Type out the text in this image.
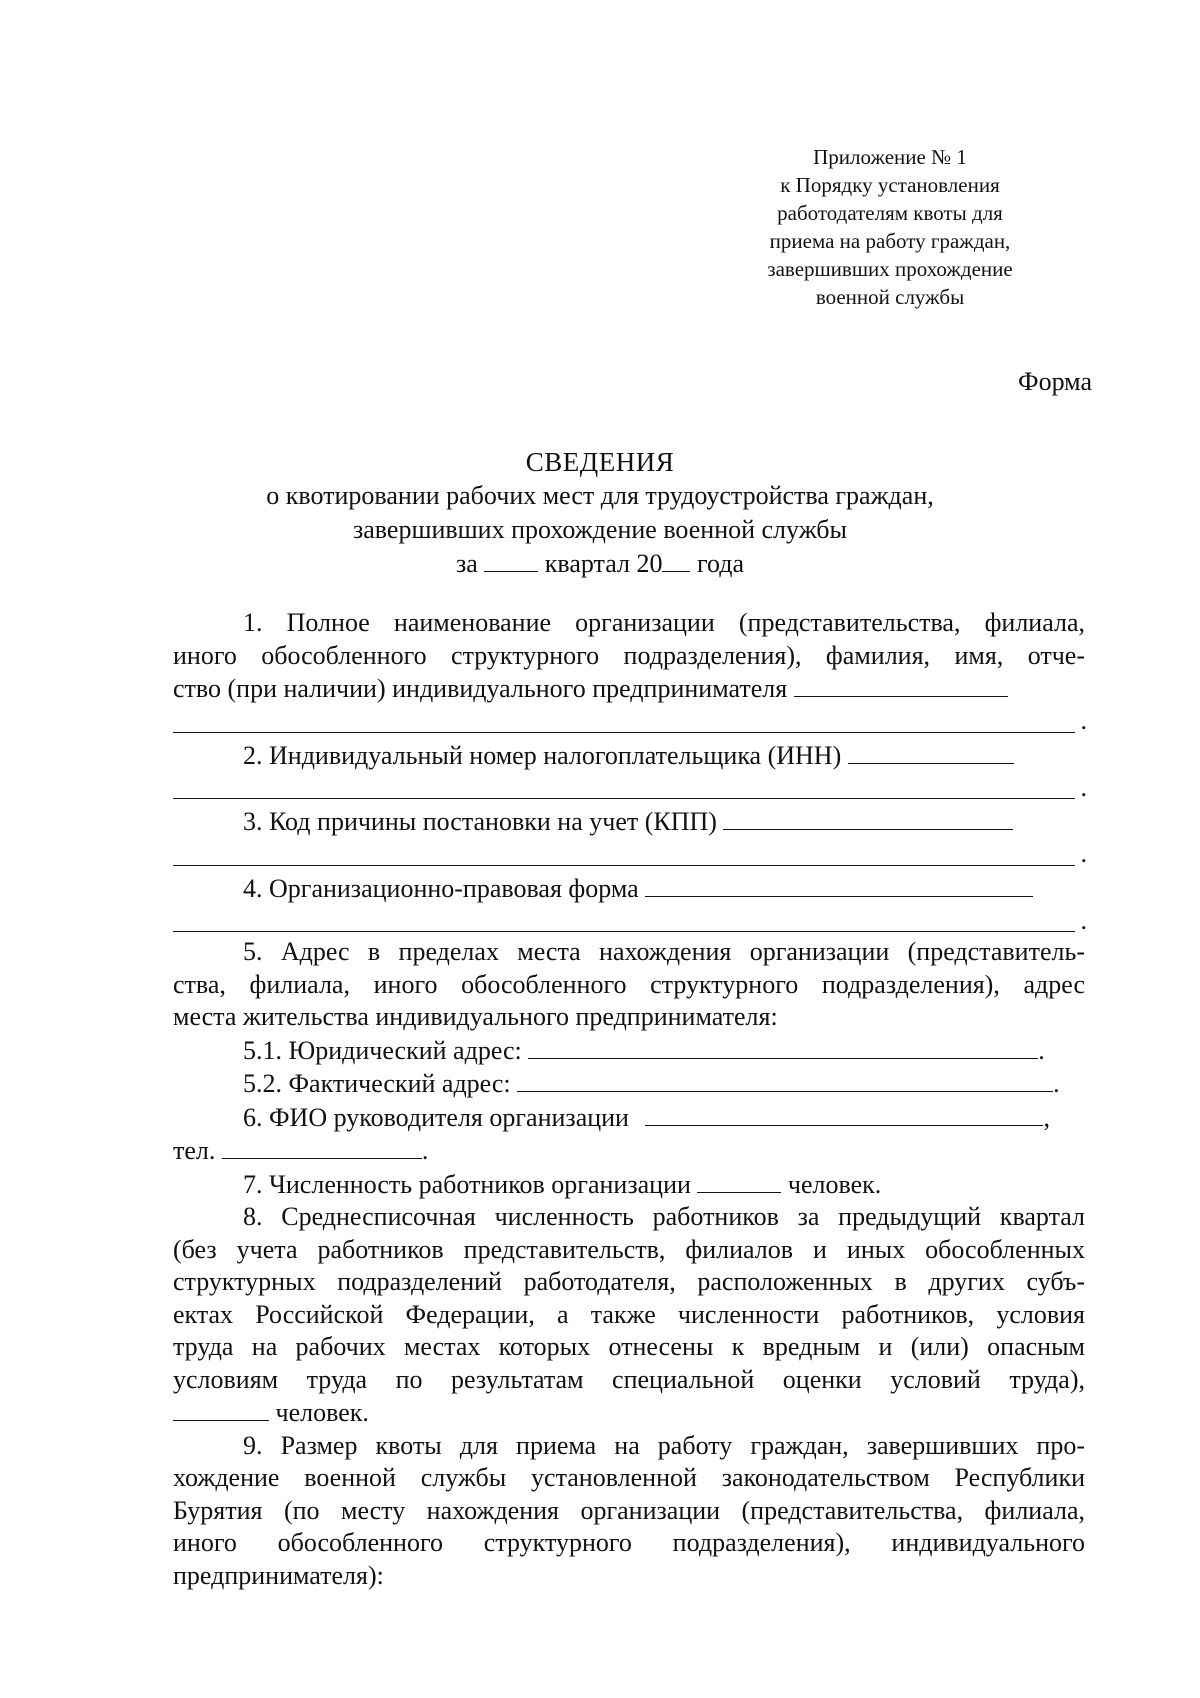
Приложение № 1
к Порядку установления
работодателям квоты для
приема на работу граждан,
завершивших прохождение
военной службы
Форма
СВЕДЕНИЯ
о квотировании рабочих мест для трудоустройства граждан,
завершивших прохождение военной службы
за	квартал 20 года
1. Полное наименование организации (представительства, филиала,
иного обособленного структурного подразделения), фамилия, имя, отче-
ство (при наличии) индивидуального предпринимателя
.
2. Индивидуальный номер налогоплательщика (ИНН)
.
3. Код причины постановки на учет (КПП)
.
4. Организационно-правовая форма
.
5. Адрес в пределах места нахождения организации (представитель-
ства, филиала, иного обособленного структурного подразделения), адрес
места жительства индивидуального предпринимателя:
5.1. Юридический адрес:	.
5.2. Фактический адрес:	.
6. ФИО руководителя организации	,
тел.	.
7. Численность работников организации	человек.
8. Среднесписочная численность работников за предыдущий квартал
(без учета работников представительств, филиалов и иных обособленных
структурных подразделений работодателя, расположенных в других субъ-
ектах Российской Федерации, а также численности работников, условия
труда на рабочих местах которых отнесены к вредным и (или) опасным
условиям труда по результатам специальной оценки условий труда),
человек.
9. Размер квоты для приема на работу граждан, завершивших про-
хождение военной службы установленной законодательством Республики
Бурятия (по месту нахождения организации (представительства, филиала,
иного обособленного структурного подразделения), индивидуального
предпринимателя):
